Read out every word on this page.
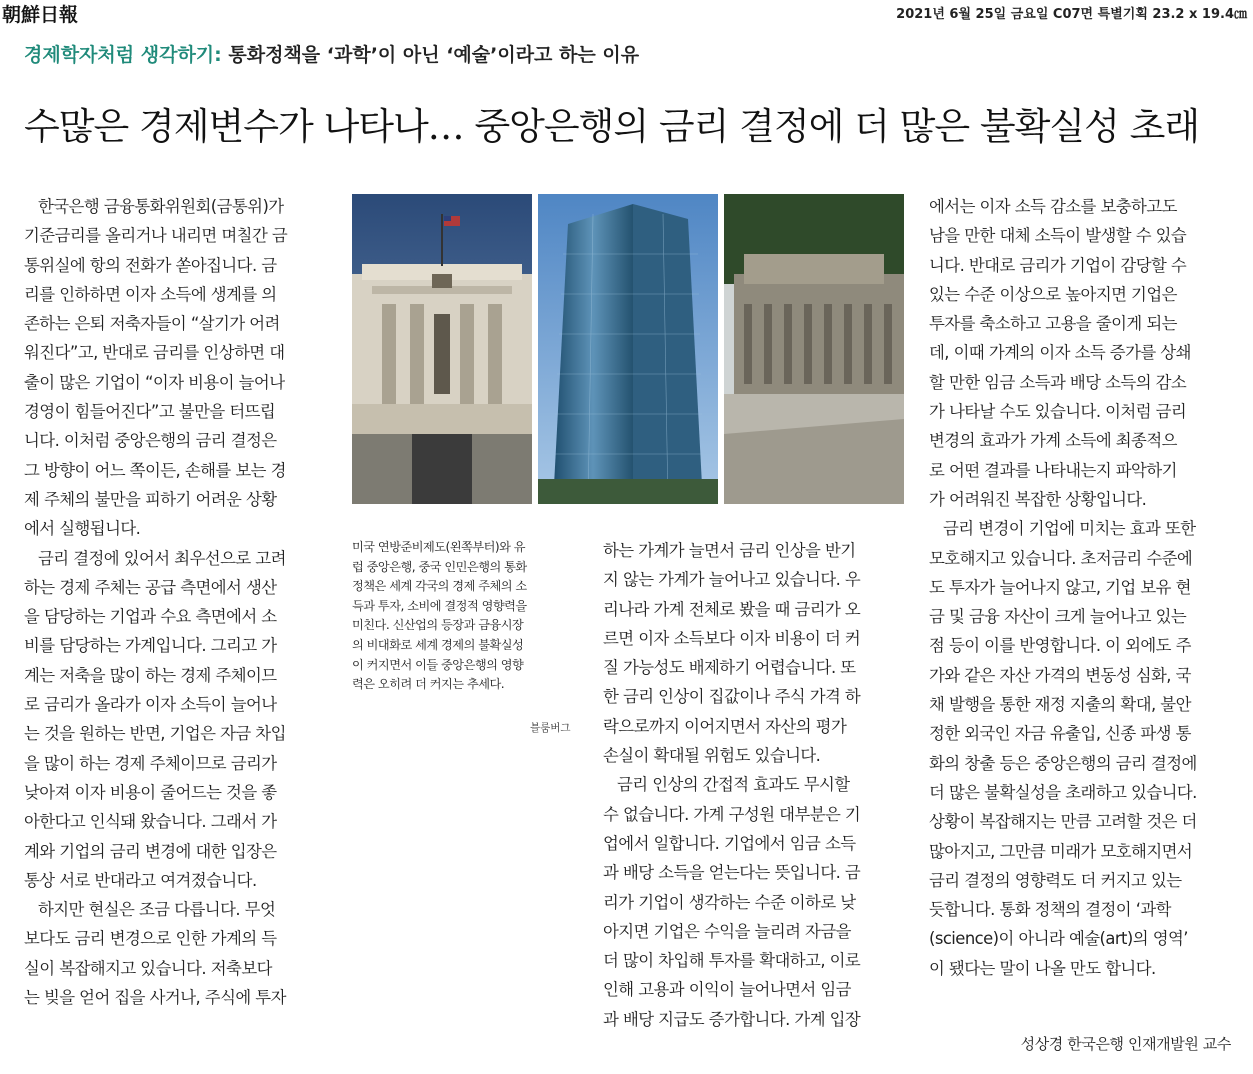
朝鮮日報	2021년 6월 25일 금요일 C07면 특별기획 23.2 x 19.4㎝
경제학자처럼 생각하기: 통화정책을 ‘과학’이 아닌 ‘예술’이라고 하는 이유
수많은 경제변수가 나타나… 중앙은행의 금리 결정에 더 많은 불확실성 초래
한국은행 금융통화위원회(금통위)가
기준금리를 올리거나 내리면 며칠간 금
통위실에 항의 전화가 쏟아집니다. 금
리를 인하하면 이자 소득에 생계를 의
존하는 은퇴 저축자들이 “살기가 어려
워진다”고, 반대로 금리를 인상하면 대
출이 많은 기업이 “이자 비용이 늘어나
경영이 힘들어진다”고 불만을 터뜨립
니다. 이처럼 중앙은행의 금리 결정은
그 방향이 어느 쪽이든, 손해를 보는 경
제 주체의 불만을 피하기 어려운 상황
에서 실행됩니다.
금리 결정에 있어서 최우선으로 고려
하는 경제 주체는 공급 측면에서 생산
을 담당하는 기업과 수요 측면에서 소
비를 담당하는 가계입니다. 그리고 가
계는 저축을 많이 하는 경제 주체이므
로 금리가 올라가 이자 소득이 늘어나
는 것을 원하는 반면, 기업은 자금 차입
을 많이 하는 경제 주체이므로 금리가
낮아져 이자 비용이 줄어드는 것을 좋
아한다고 인식돼 왔습니다. 그래서 가
계와 기업의 금리 변경에 대한 입장은
통상 서로 반대라고 여겨졌습니다.
하지만 현실은 조금 다릅니다. 무엇
보다도 금리 변경으로 인한 가계의 득
실이 복잡해지고 있습니다. 저축보다
는 빚을 얻어 집을 사거나, 주식에 투자
미국 연방준비제도(왼쪽부터)와 유
럽 중앙은행, 중국 인민은행의 통화
정책은 세계 각국의 경제 주체의 소
득과 투자, 소비에 결정적 영향력을
미친다. 신산업의 등장과 금융시장
의 비대화로 세계 경제의 불확실성
이 커지면서 이들 중앙은행의 영향
력은 오히려 더 커지는 추세다.
블룸버그
하는 가계가 늘면서 금리 인상을 반기
지 않는 가계가 늘어나고 있습니다. 우
리나라 가계 전체로 봤을 때 금리가 오
르면 이자 소득보다 이자 비용이 더 커
질 가능성도 배제하기 어렵습니다. 또
한 금리 인상이 집값이나 주식 가격 하
락으로까지 이어지면서 자산의 평가
손실이 확대될 위험도 있습니다.
금리 인상의 간접적 효과도 무시할
수 없습니다. 가계 구성원 대부분은 기
업에서 일합니다. 기업에서 임금 소득
과 배당 소득을 얻는다는 뜻입니다. 금
리가 기업이 생각하는 수준 이하로 낮
아지면 기업은 수익을 늘리려 자금을
더 많이 차입해 투자를 확대하고, 이로
인해 고용과 이익이 늘어나면서 임금
과 배당 지급도 증가합니다. 가계 입장
에서는 이자 소득 감소를 보충하고도
남을 만한 대체 소득이 발생할 수 있습
니다. 반대로 금리가 기업이 감당할 수
있는 수준 이상으로 높아지면 기업은
투자를 축소하고 고용을 줄이게 되는
데, 이때 가계의 이자 소득 증가를 상쇄
할 만한 임금 소득과 배당 소득의 감소
가 나타날 수도 있습니다. 이처럼 금리
변경의 효과가 가계 소득에 최종적으
로 어떤 결과를 나타내는지 파악하기
가 어려워진 복잡한 상황입니다.
금리 변경이 기업에 미치는 효과 또한
모호해지고 있습니다. 초저금리 수준에
도 투자가 늘어나지 않고, 기업 보유 현
금 및 금융 자산이 크게 늘어나고 있는
점 등이 이를 반영합니다. 이 외에도 주
가와 같은 자산 가격의 변동성 심화, 국
채 발행을 통한 재정 지출의 확대, 불안
정한 외국인 자금 유출입, 신종 파생 통
화의 창출 등은 중앙은행의 금리 결정에
더 많은 불확실성을 초래하고 있습니다.
상황이 복잡해지는 만큼 고려할 것은 더
많아지고, 그만큼 미래가 모호해지면서
금리 결정의 영향력도 더 커지고 있는
듯합니다. 통화 정책의 결정이 ‘과학
(science)이 아니라 예술(art)의 영역’
이 됐다는 말이 나올 만도 합니다.
성상경 한국은행 인재개발원 교수
